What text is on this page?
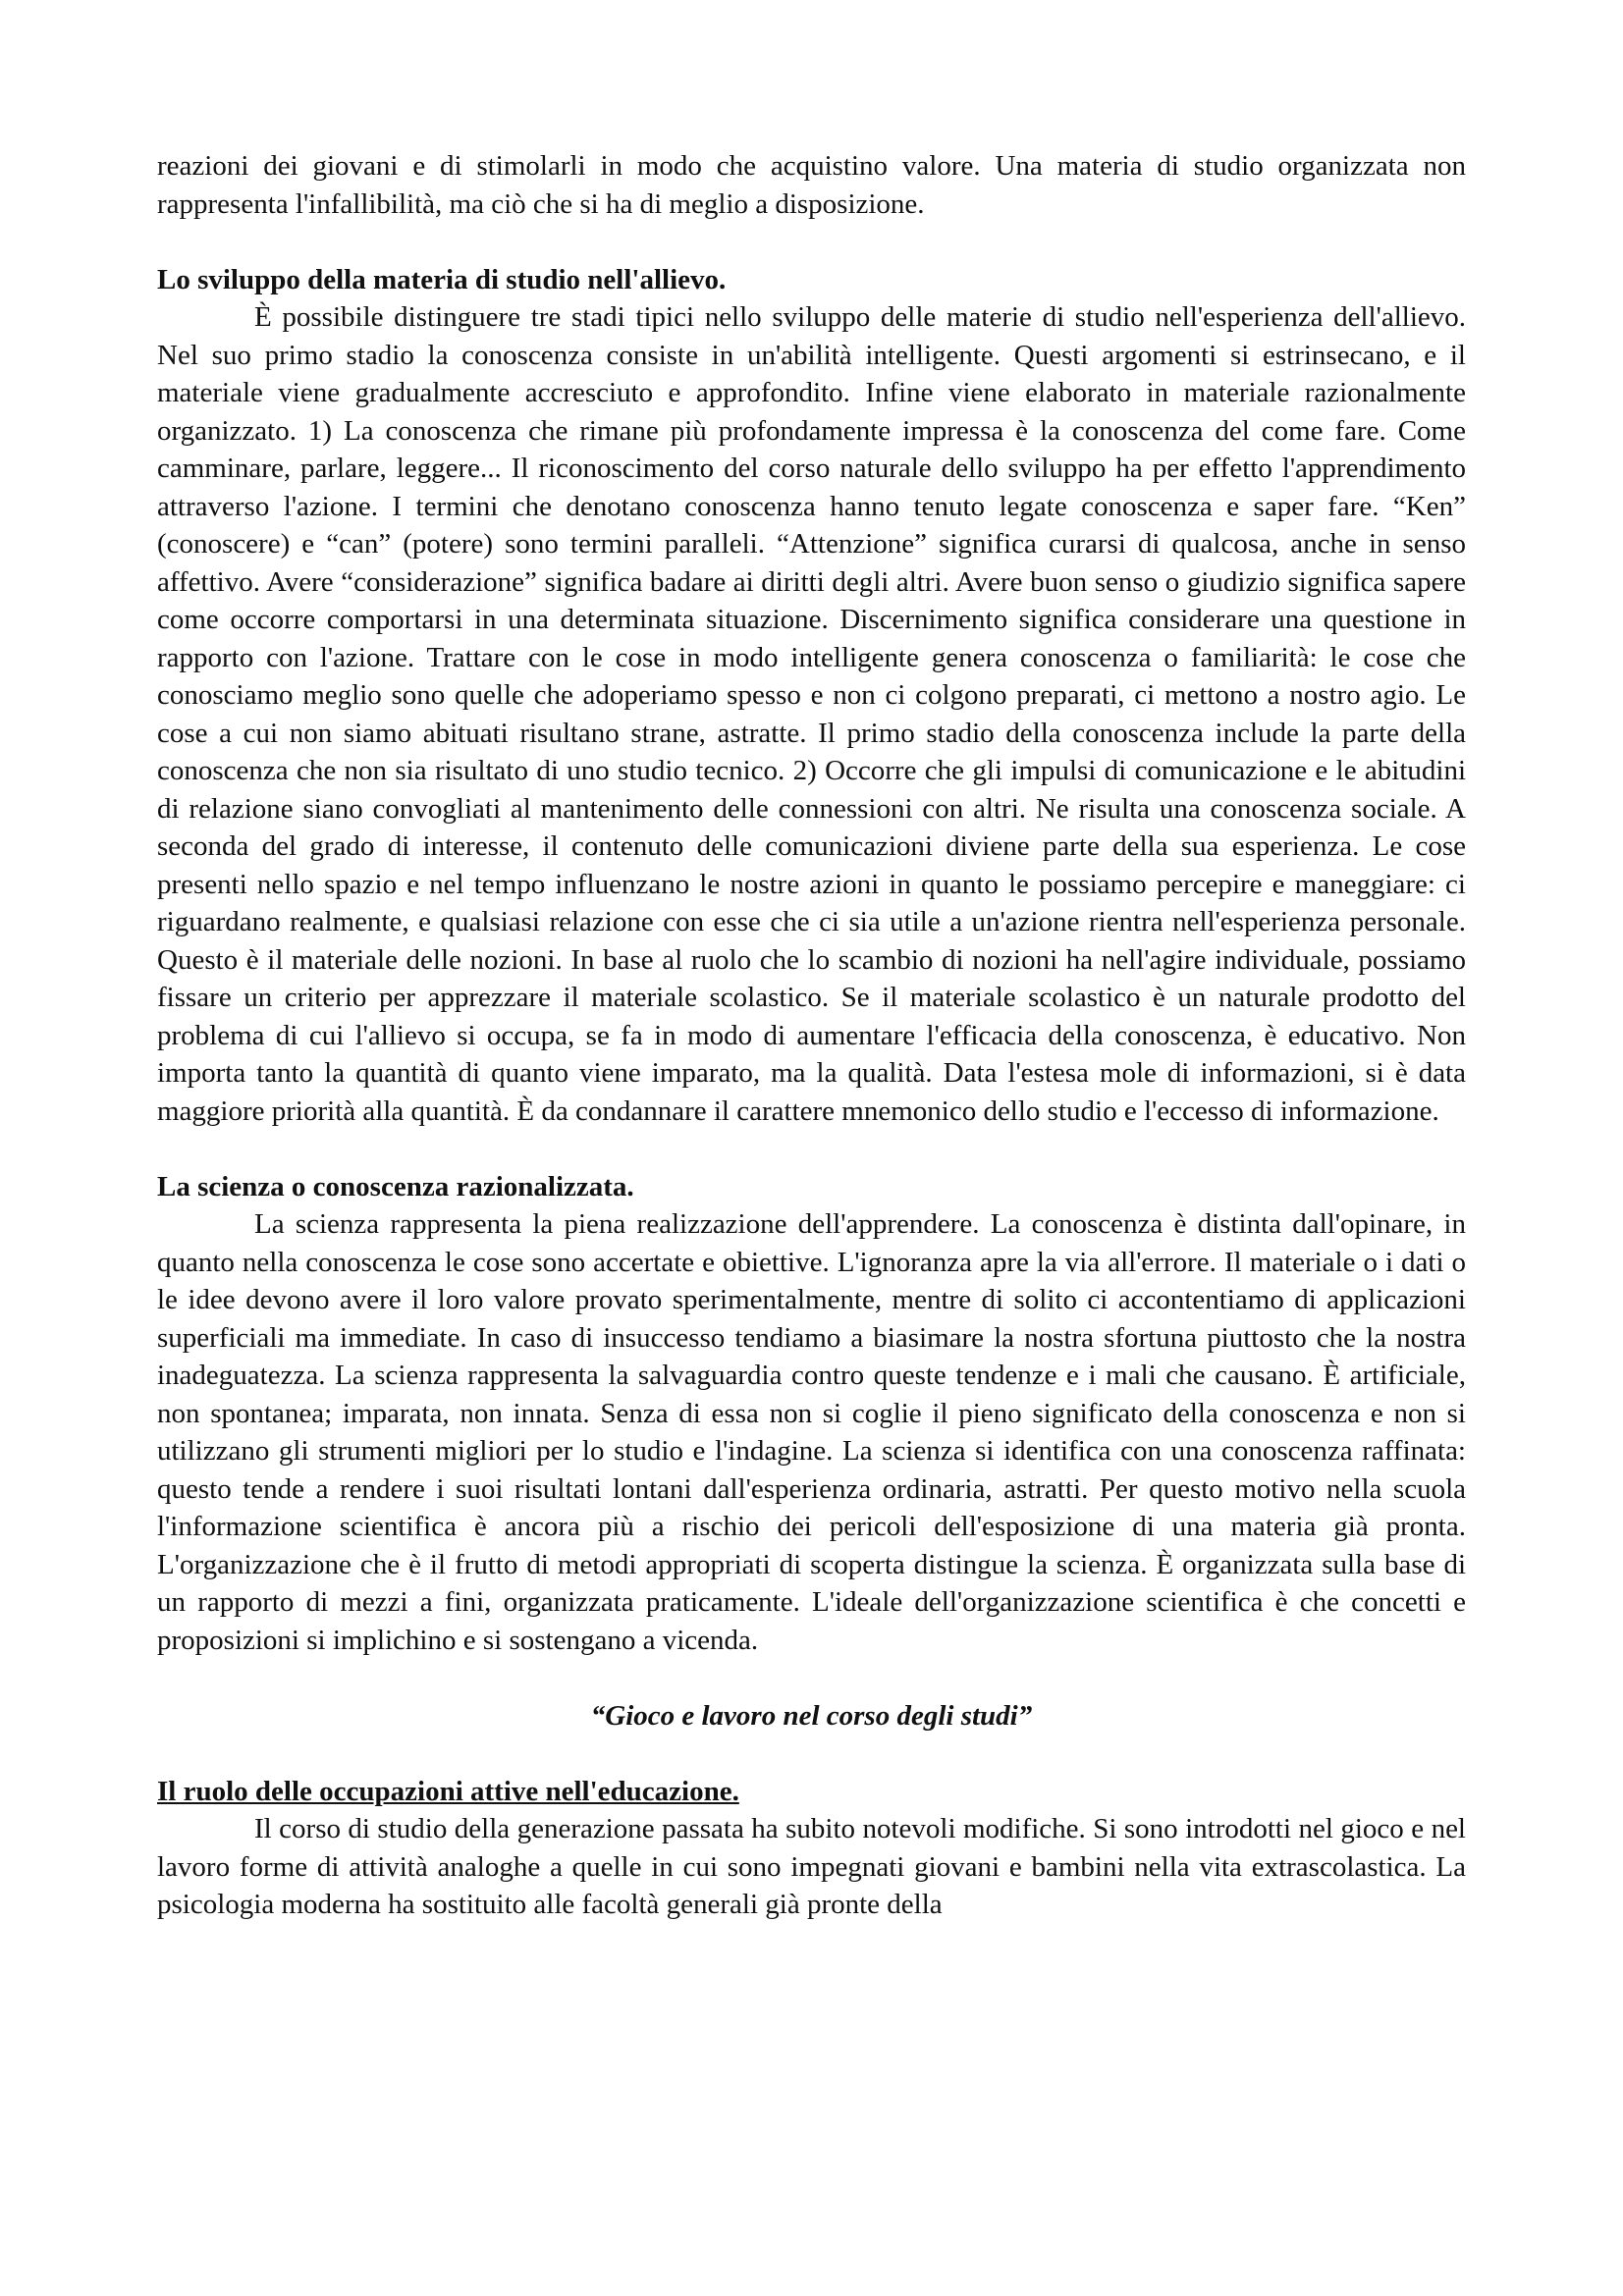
reazioni dei giovani e di stimolarli in modo che acquistino valore. Una materia di studio organizzata non rappresenta l'infallibilità, ma ciò che si ha di meglio a disposizione.

Lo sviluppo della materia di studio nell'allievo.

È possibile distinguere tre stadi tipici nello sviluppo delle materie di studio nell'esperienza dell'allievo. Nel suo primo stadio la conoscenza consiste in un'abilità intelligente. Questi argomenti si estrinsecano, e il materiale viene gradualmente accresciuto e approfondito. Infine viene elaborato in materiale razionalmente organizzato. 1) La conoscenza che rimane più profondamente impressa è la conoscenza del come fare. Come camminare, parlare, leggere... Il riconoscimento del corso naturale dello sviluppo ha per effetto l'apprendimento attraverso l'azione. I termini che denotano conoscenza hanno tenuto legate conoscenza e saper fare. “Ken” (conoscere) e “can” (potere) sono termini paralleli. “Attenzione” significa curarsi di qualcosa, anche in senso affettivo. Avere “considerazione” significa badare ai diritti degli altri. Avere buon senso o giudizio significa sapere come occorre comportarsi in una determinata situazione. Discernimento significa considerare una questione in rapporto con l'azione. Trattare con le cose in modo intelligente genera conoscenza o familiarità: le cose che conosciamo meglio sono quelle che adoperiamo spesso e non ci colgono preparati, ci mettono a nostro agio. Le cose a cui non siamo abituati risultano strane, astratte. Il primo stadio della conoscenza include la parte della conoscenza che non sia risultato di uno studio tecnico. 2) Occorre che gli impulsi di comunicazione e le abitudini di relazione siano convogliati al mantenimento delle connessioni con altri. Ne risulta una conoscenza sociale. A seconda del grado di interesse, il contenuto delle comunicazioni diviene parte della sua esperienza. Le cose presenti nello spazio e nel tempo influenzano le nostre azioni in quanto le possiamo percepire e maneggiare: ci riguardano realmente, e qualsiasi relazione con esse che ci sia utile a un'azione rientra nell'esperienza personale. Questo è il materiale delle nozioni. In base al ruolo che lo scambio di nozioni ha nell'agire individuale, possiamo fissare un criterio per apprezzare il materiale scolastico. Se il materiale scolastico è un naturale prodotto del problema di cui l'allievo si occupa, se fa in modo di aumentare l'efficacia della conoscenza, è educativo. Non importa tanto la quantità di quanto viene imparato, ma la qualità. Data l'estesa mole di informazioni, si è data maggiore priorità alla quantità. È da condannare il carattere mnemonico dello studio e l'eccesso di informazione.

La scienza o conoscenza razionalizzata.

La scienza rappresenta la piena realizzazione dell'apprendere. La conoscenza è distinta dall'opinare, in quanto nella conoscenza le cose sono accertate e obiettive. L'ignoranza apre la via all'errore. Il materiale o i dati o le idee devono avere il loro valore provato sperimentalmente, mentre di solito ci accontentiamo di applicazioni superficiali ma immediate. In caso di insuccesso tendiamo a biasimare la nostra sfortuna piuttosto che la nostra inadeguatezza. La scienza rappresenta la salvaguardia contro queste tendenze e i mali che causano. È artificiale, non spontanea; imparata, non innata. Senza di essa non si coglie il pieno significato della conoscenza e non si utilizzano gli strumenti migliori per lo studio e l'indagine. La scienza si identifica con una conoscenza raffinata: questo tende a rendere i suoi risultati lontani dall'esperienza ordinaria, astratti. Per questo motivo nella scuola l'informazione scientifica è ancora più a rischio dei pericoli dell'esposizione di una materia già pronta. L'organizzazione che è il frutto di metodi appropriati di scoperta distingue la scienza. È organizzata sulla base di un rapporto di mezzi a fini, organizzata praticamente. L'ideale dell'organizzazione scientifica è che concetti e proposizioni si implichino e si sostengano a vicenda.

“Gioco e lavoro nel corso degli studi”

Il ruolo delle occupazioni attive nell'educazione.

Il corso di studio della generazione passata ha subito notevoli modifiche. Si sono introdotti nel gioco e nel lavoro forme di attività analoghe a quelle in cui sono impegnati giovani e bambini nella vita extrascolastica. La psicologia moderna ha sostituito alle facoltà generali già pronte della
